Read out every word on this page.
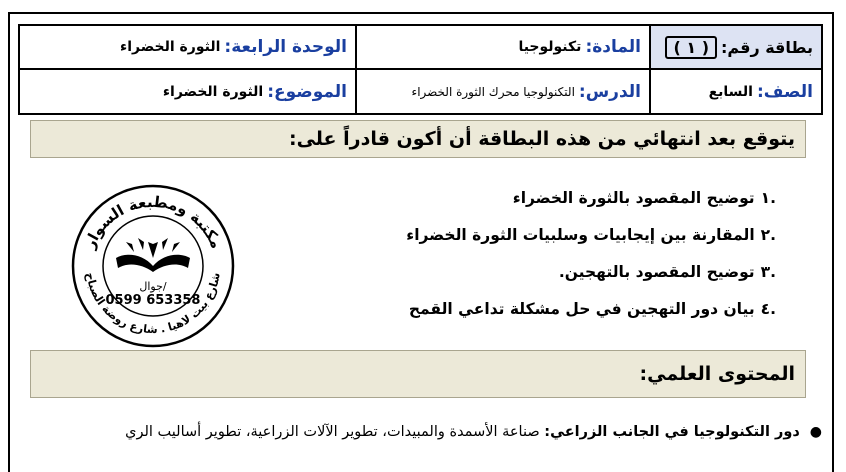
بطاقة رقم:
( ١ )
المادة:
تكنولوجيا
الوحدة الرابعة:
الثورة الخضراء
الصف:
السابع
الدرس:
التكنولوجيا محرك الثورة الخضراء
الموضوع:
الثورة الخضراء
يتوقع بعد انتهائي من هذه البطاقة أن أكون قادراً على:
.١توضيح المقصود بالثورة الخضراء
.٢المقارنة بين إيجابيات وسلبيات الثورة الخضراء
.٣توضيح المقصود بالتهجين.
.٤بيان دور التهجين في حل مشكلة تداعي القمح
مكتبة ومطبعة السوار
شارع بيت لاهيا . شارع روضة الصباح
جوال/
0599 653358
المحتوى العلمي:
●دور التكنولوجيا في الجانب الزراعي: صناعة الأسمدة والمبيدات، تطوير الآلات الزراعية، تطوير أساليب الري
